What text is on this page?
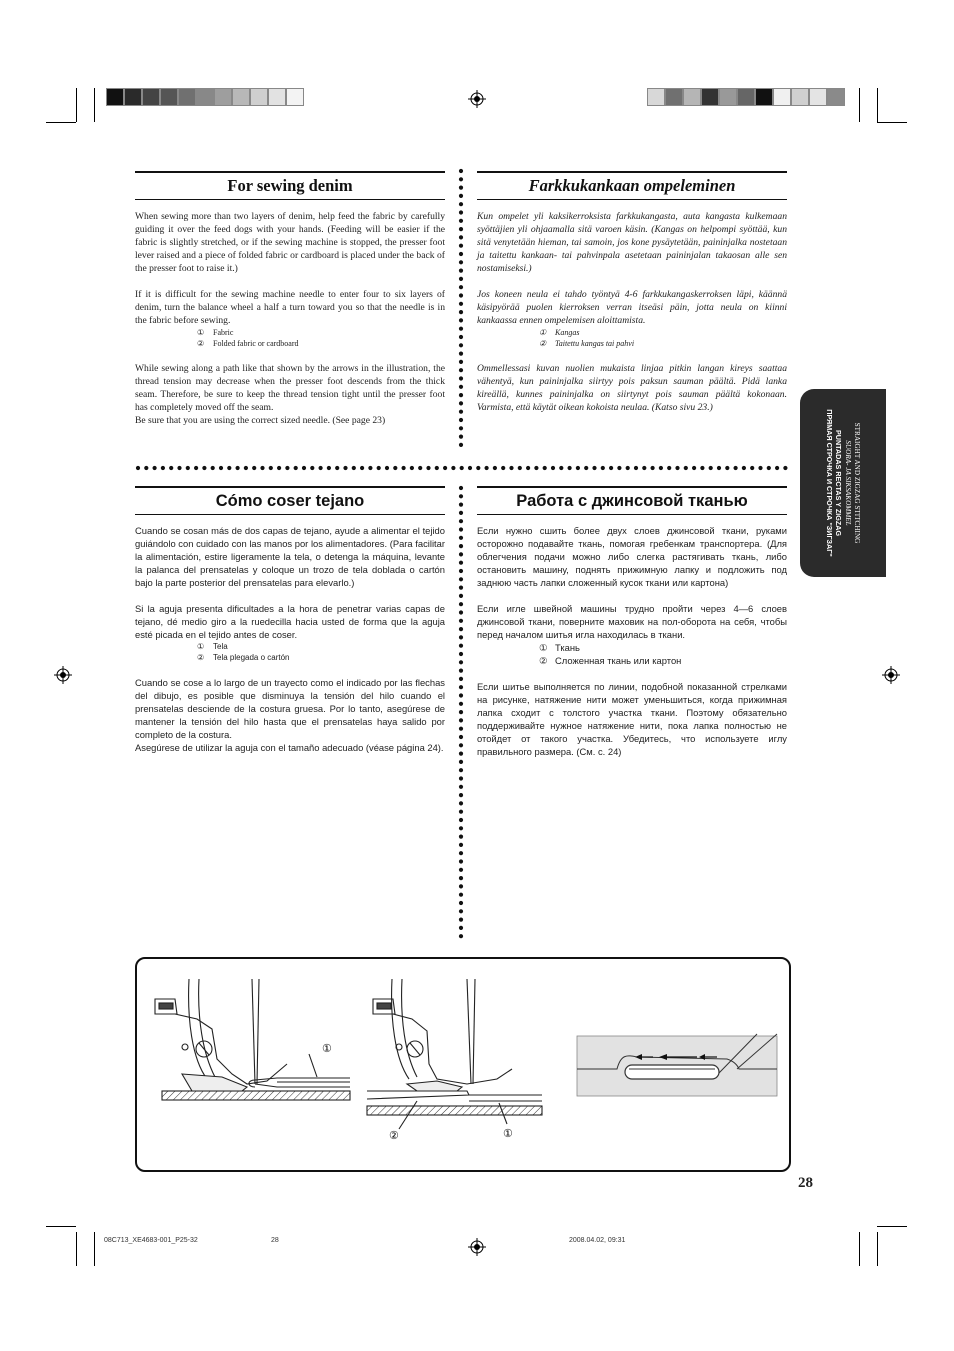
For sewing denim	Farkkukankaan ompeleminen
Cómo coser tejano	Работа с джинсовой тканью

When sewing more than two layers of denim, help feed the fabric by carefully guiding it over the feed dogs with your hands. (Feeding will be easier if the fabric is slightly stretched, or if the sewing machine is stopped, the presser foot lever raised and a piece of folded fabric or cardboard is placed under the back of the presser foot to raise it.)

If it is difficult for the sewing machine needle to enter four to six layers of denim, turn the balance wheel a half a turn toward you so that the needle is in the fabric before sewing.

① Fabric

② Folded fabric or cardboard

While sewing along a path like that shown by the arrows in the illustration, the thread tension may decrease when the presser foot descends from the thick seam. Therefore, be sure to keep the thread tension tight until the presser foot has completely moved off the seam.

Be sure that you are using the correct sized needle. (See page 23)

Kun ompelet yli kaksikerroksista farkkukangasta, auta kangasta kulkemaan syöttäjien yli ohjaamalla sitä varoen käsin. (Kangas on helpompi syöttää, kun sitä venytetään hieman, tai samoin, jos kone pysäytetään, paininjalka nostetaan ja taitettu kankaan- tai pahvinpala asetetaan paininjalan takaosan alle sen nostamiseksi.)

Jos koneen neula ei tahdo työntyä 4-6 farkkukangaskerroksen läpi, käännä käsipyörää puolen kierroksen verran itseäsi päin, jotta neula on kiinni kankaassa ennen ompelemisen aloittamista.

① Kangas

② Taitettu kangas tai pahvi

Ommellessasi kuvan nuolien mukaista linjaa pitkin langan kireys saattaa vähentyä, kun paininjalka siirtyy pois paksun sauman päältä. Pidä lanka kireällä, kunnes paininjalka on siirtynyt pois sauman päältä kokonaan. Varmista, että käytät oikean kokoista neulaa. (Katso sivu 23.)

Cuando se cosan más de dos capas de tejano, ayude a alimentar el tejido guiándolo con cuidado con las manos por los alimentadores. (Para facilitar la alimentación, estire ligeramente la tela, o detenga la máquina, levante la palanca del prensatelas y coloque un trozo de tela doblada o cartón bajo la parte posterior del prensatelas para elevarlo.)

Si la aguja presenta dificultades a la hora de penetrar varias capas de tejano, dé medio giro a la ruedecilla hacia usted de forma que la aguja esté picada en el tejido antes de coser.

① Tela

② Tela plegada o cartón

Cuando se cose a lo largo de un trayecto como el indicado por las flechas del dibujo, es posible que disminuya la tensión del hilo cuando el prensatelas desciende de la costura gruesa. Por lo tanto, asegúrese de mantener la tensión del hilo hasta que el prensatelas haya salido por completo de la costura.

Asegúrese de utilizar la aguja con el tamaño adecuado (véase página 24).

Если нужно сшить более двух слоев джинсовой ткани, руками осторожно подавайте ткань, помогая гребенкам транспортера. (Для облегчения подачи можно либо слегка растягивать ткань, либо остановить машину, поднять прижимную лапку и подложить под заднюю часть лапки сложенный кусок ткани или картона)

Если игле швейной машины трудно пройти через 4—6 слоев джинсовой ткани, поверните маховик на пол-оборота на себя, чтобы перед началом шитья игла находилась в ткани.

① Ткань

② Сложенная ткань или картон

Если шитье выполняется по линии, подобной показанной стрелками на рисунке, натяжение нити может уменьшиться, когда прижимная лапка сходит с толстого участка ткани. Поэтому обязательно поддерживайте нужное натяжение нити, пока лапка полностью не отойдет от такого участка. Убедитесь, что используете иглу правильного размера. (См. с. 24)

STRAIGHT AND ZIGZAG STITCHING
SUORA- JA SIKSAKOMMEL
PUNTADAS RECTAS Y ZIGZAG
ПРЯМАЯ СТРОЧКА И СТРОЧКА "ЗИГЗАГ"
①
②	①
28
08C713_XE4683-001_P25-32	28	2008.04.02, 09:31
